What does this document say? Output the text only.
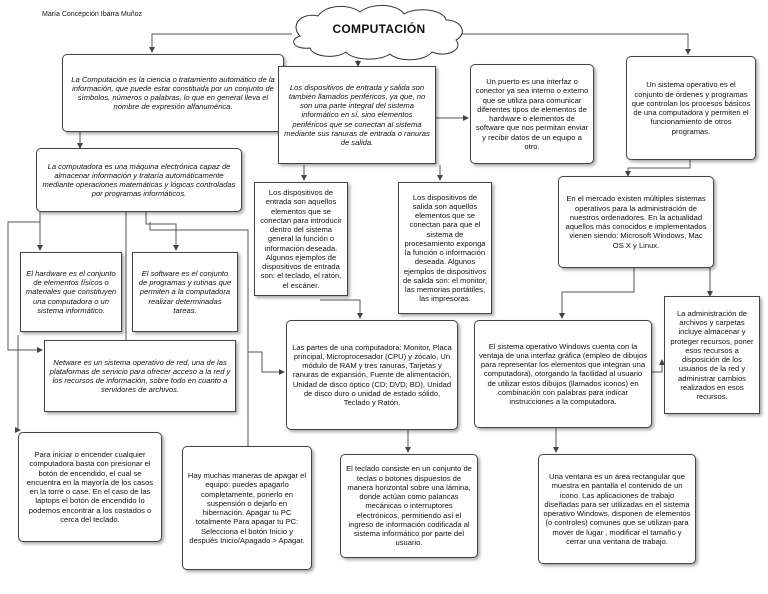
María Concepción Ibarra Muñoz
COMPUTACIÓN
La Computación es la ciencia o tratamiento automático de la información, que puede estar constituida por un conjunto de símbolos, números o palabras, lo que en general lleva el nombre de expresión alfanumérica.
La computadora es una máquina electrónica capaz de almacenar información y trataría automáticamente mediante operaciones matemáticas y lógicas controladas por programas informáticos.
El hardware es el conjunto de elementos físicos o materiales que constituyen una computadora o un sistema informático.
El software es el conjunto de programas y rutinas que permiten a la computadora realizar determinadas tareas.
Netware es un sistema operativo de red, una de las plataformas de servicio para ofrecer acceso a la red y los recursos de información, sobre todo en cuanto a servidores de archivos.
Para iniciar o encender cualquier computadora basta con presionar el botón de encendido, el cual se encuentra en la mayoría de los casos en la torre o case. En el caso de las laptops el botón de encendido lo podemos encontrar a los costados o cerca del teclado.
Los dispositivos de entrada y salida son también llamados periféricos, ya que, no son una parte integral del sistema informático en sí, sino elementos periféricos que se conectan al sistema mediante sus ranuras de entrada o ranuras de salida.
Los dispositivos de entrada son aquellos elementos que se conectan para introducir dentro del sistema general la función o información deseada. Algunos ejemplos de dispositivos de entrada son: el teclado, el ratón, el escáner.
Los dispositivos de salida son aquellos elementos que se conectan para que el sistema de procesamiento exponga la función o información deseada. Algunos ejemplos de dispositivos de salida son: el monitor, las memorias portátiles, las impresoras.
Un puerto es una interfaz o conector ya sea interno o externo que se utiliza para comunicar diferentes tipos de elementos de hardware o elementos de software que nos permitan enviar y recibir datos de un equipo a otro.
Un sistema operativo es el conjunto de órdenes y programas que controlan los procesos básicos de una computadora y permiten el funcionamiento de otros programas.
En el mercado existen múltiples sistemas operativos para la administración de nuestros ordenadores. En la actualidad aquellos más conocidos e implementados vienen siendo: Microsoft Windows, Mac OS X y Linux.
Las partes de una computadora: Monitor, Placa principal, Microprocesador (CPU) y zócalo, Un módulo de RAM y tres ranuras, Tarjetas y ranuras de expansión, Fuente de alimentación, Unidad de disco óptico (CD; DVD; BD), Unidad de disco duro o unidad de estado sólido, Teclado y Ratón.
El sistema operativo Windows cuenta con la ventaja de una interfaz gráfica (empleo de dibujos para representar los elementos que integran una computadora), otorgando la facilidad al usuario de utilizar estos dibujos (llamados iconos) en combinación con palabras para indicar instrucciones a la computadora.
La administración de archivos y carpetas incluye almacenar y proteger recursos, poner esos recursos a disposición de los usuarios de la red y administrar cambios realizados en esos recursos.
Hay muchas maneras de apagar el equipo: puedes apagarlo completamente, ponerlo en suspensión o dejarlo en hibernación. Apagar tu PC totalmente Para apagar tu PC: Selecciona el botón Inicio y después Inicio/Apagado > Apagar.
El teclado consiste en un conjunto de teclas o botones dispuestos de manera horizontal sobre una lámina, donde actúan como palancas mecánicas o interruptores electrónicos, permitiendo así el ingreso de información codificada al sistema informático por parte del usuario.
Una ventana es un área rectangular que muestra en pantalla el contenido de un icono. Las aplicaciones de trabajo diseñadas para ser utilizadas en el sistema operativo Windows, disponen de elementos (o controles) comunes que se utilizan para mover de lugar , modificar el tamaño y cerrar una ventana de trabajo.
